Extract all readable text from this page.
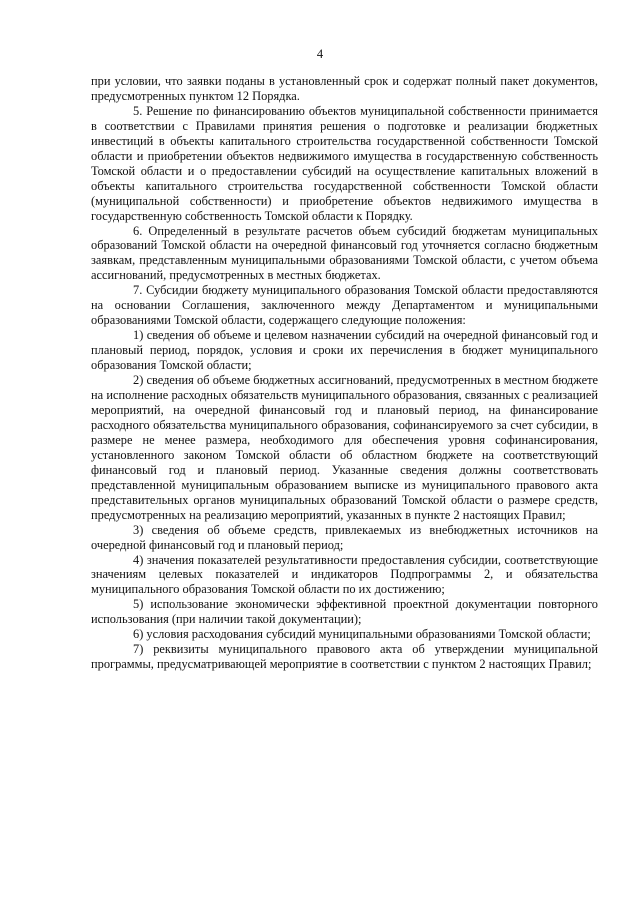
4

при условии, что заявки поданы в установленный срок и содержат полный пакет документов, предусмотренных пунктом 12 Порядка.

5. Решение по финансированию объектов муниципальной собственности принимается в соответствии с Правилами принятия решения о подготовке и реализации бюджетных инвестиций в объекты капитального строительства государственной собственности Томской области и приобретении объектов недвижимого имущества в государственную собственность Томской области и о предоставлении субсидий на осуществление капитальных вложений в объекты капитального строительства государственной собственности Томской области (муниципальной собственности) и приобретение объектов недвижимого имущества в государственную собственность Томской области к Порядку.

6. Определенный в результате расчетов объем субсидий бюджетам муниципальных образований Томской области на очередной финансовый год уточняется согласно бюджетным заявкам, представленным муниципальными образованиями Томской области, с учетом объема ассигнований, предусмотренных в местных бюджетах.

7. Субсидии бюджету муниципального образования Томской области предоставляются на основании Соглашения, заключенного между Департаментом и муниципальными образованиями Томской области, содержащего следующие положения:

1) сведения об объеме и целевом назначении субсидий на очередной финансовый год и плановый период, порядок, условия и сроки их перечисления в бюджет муниципального образования Томской области;

2) сведения об объеме бюджетных ассигнований, предусмотренных в местном бюджете на исполнение расходных обязательств муниципального образования, связанных с реализацией мероприятий, на очередной финансовый год и плановый период, на финансирование расходного обязательства муниципального образования, софинансируемого за счет субсидии, в размере не менее размера, необходимого для обеспечения уровня софинансирования, установленного законом Томской области об областном бюджете на соответствующий финансовый год и плановый период. Указанные сведения должны соответствовать представленной муниципальным образованием выписке из муниципального правового акта представительных органов муниципальных образований Томской области о размере средств, предусмотренных на реализацию мероприятий, указанных в пункте 2 настоящих Правил;

3) сведения об объеме средств, привлекаемых из внебюджетных источников на очередной финансовый год и плановый период;

4) значения показателей результативности предоставления субсидии, соответствующие значениям целевых показателей и индикаторов Подпрограммы 2, и обязательства муниципального образования Томской области по их достижению;

5) использование экономически эффективной проектной документации повторного использования (при наличии такой документации);

6) условия расходования субсидий муниципальными образованиями Томской области;

7) реквизиты муниципального правового акта об утверждении муниципальной программы, предусматривающей мероприятие в соответствии с пунктом 2 настоящих Правил;
